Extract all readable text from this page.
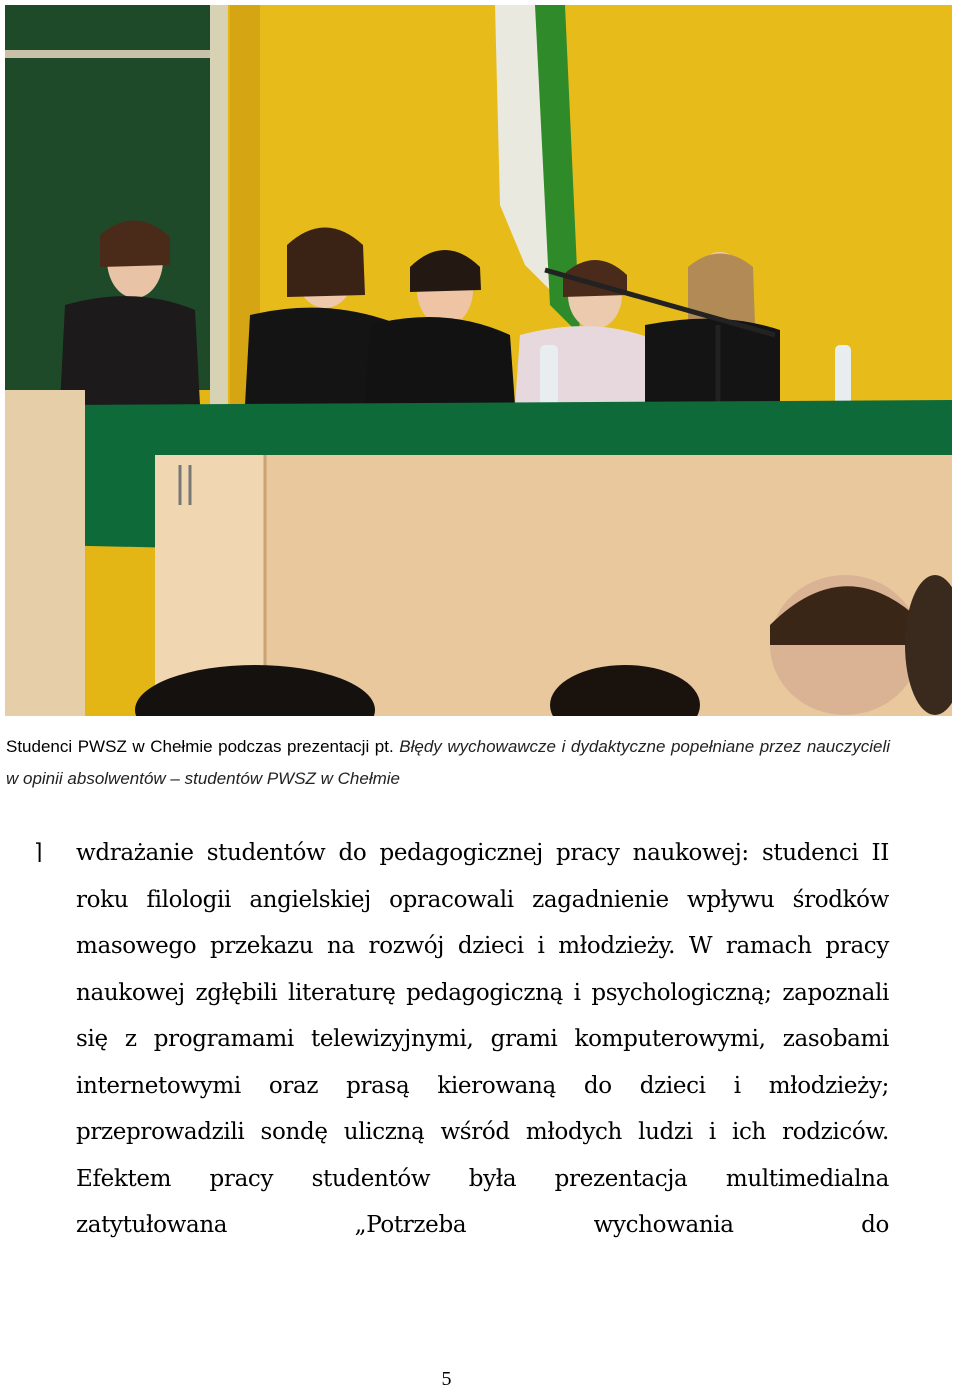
Studenci PWSZ w Chełmie podczas prezentacji pt. Błędy wychowawcze i dydaktyczne popełniane przez nauczycieli w opinii absolwentów – studentów PWSZ w Chełmie
⌉ wdrażanie studentów do pedagogicznej pracy naukowej: studenci II roku filologii angielskiej opracowali zagadnienie wpływu środków masowego przekazu na rozwój dzieci i młodzieży. W ramach pracy naukowej zgłębili literaturę pedagogiczną i psychologiczną; zapoznali się z programami telewizyjnymi, grami komputerowymi, zasobami internetowymi oraz prasą kierowaną do dzieci i młodzieży; przeprowadzili sondę uliczną wśród młodych ludzi i ich rodziców. Efektem pracy studentów była prezentacja multimedialna zatytułowana „Potrzeba wychowania do
5
